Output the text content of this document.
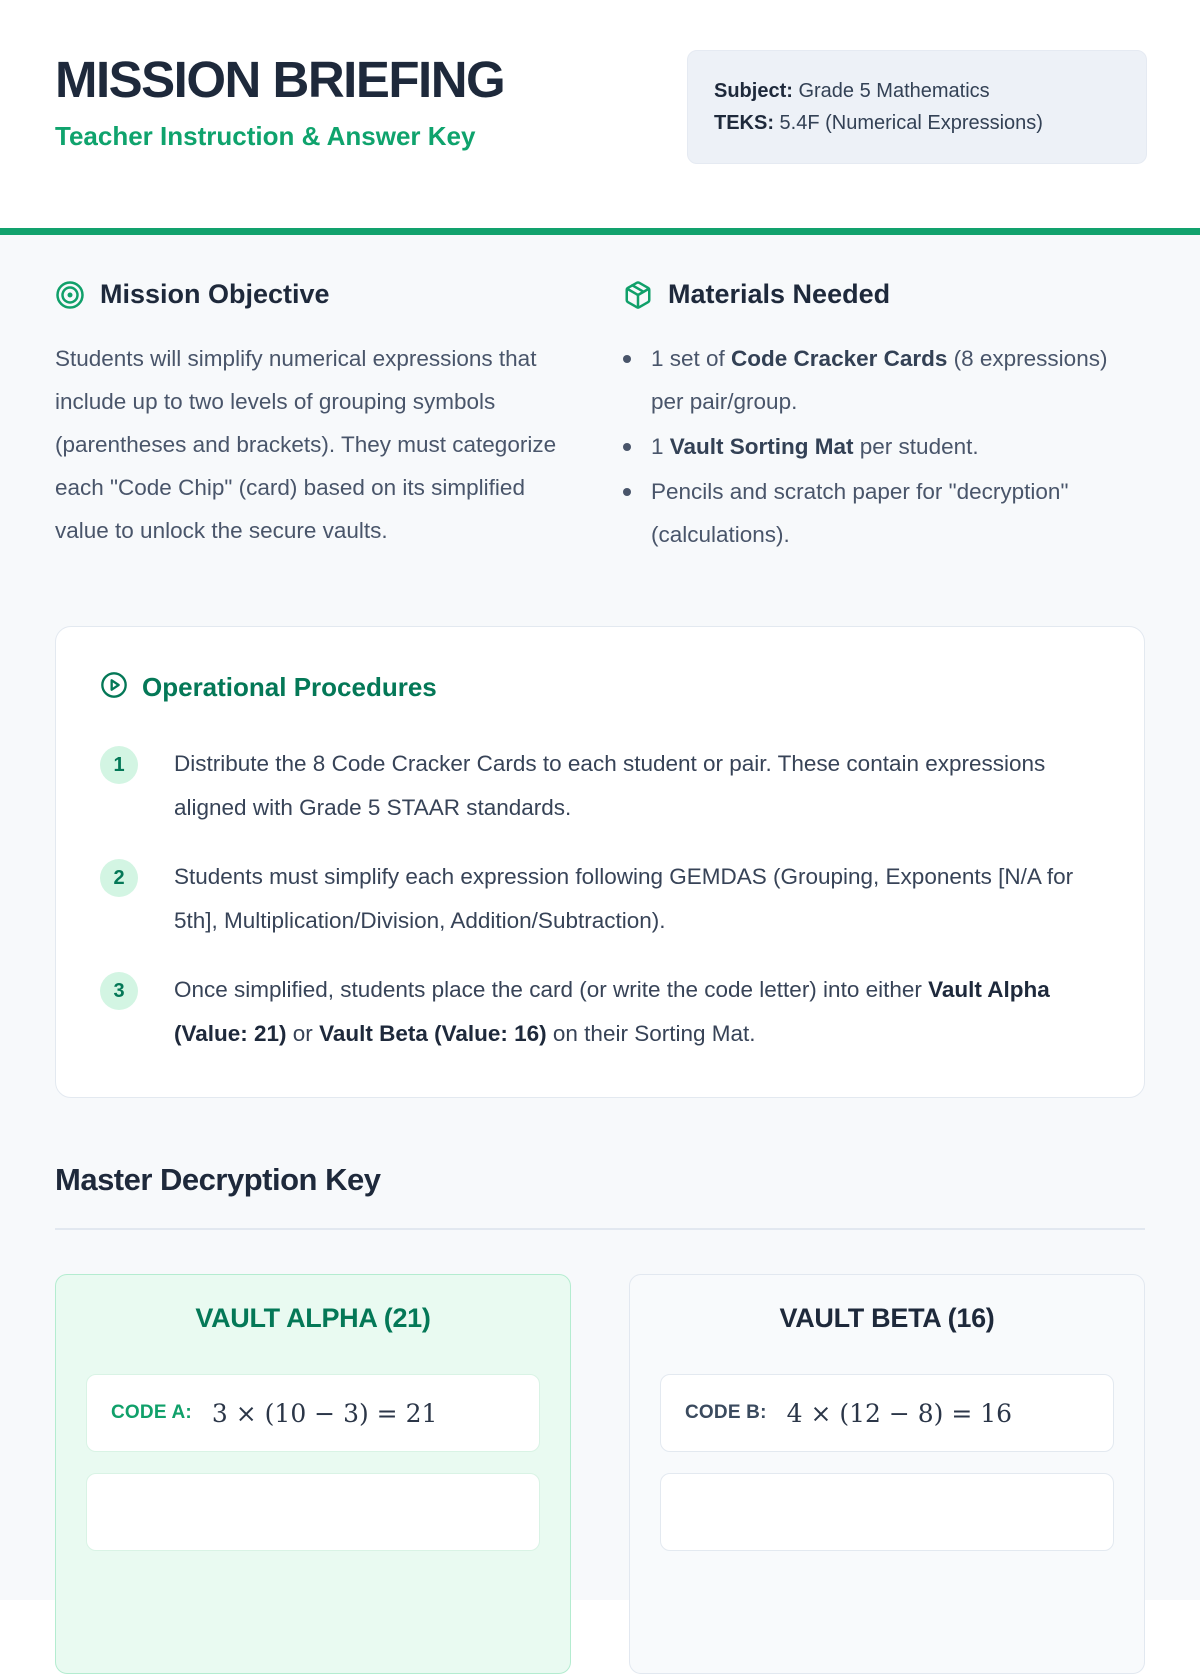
MISSION BRIEFING
Teacher Instruction & Answer Key
Subject: Grade 5 Mathematics
TEKS: 5.4F (Numerical Expressions)
Mission Objective

Students will simplify numerical expressions that include up to two levels of grouping symbols (parentheses and brackets). They must categorize each "Code Chip" (card) based on its simplified value to unlock the secure vaults.

Materials Needed
1 set of Code Cracker Cards (8 expressions) per pair/group.
1 Vault Sorting Mat per student.
Pencils and scratch paper for "decryption" (calculations).
Operational Procedures
1	Distribute the 8 Code Cracker Cards to each student or pair. These contain expressions aligned with Grade 5 STAAR standards.
2	Students must simplify each expression following GEMDAS (Grouping, Exponents [N/A for 5th], Multiplication/Division, Addition/Subtraction).
3	Once simplified, students place the card (or write the code letter) into either Vault Alpha (Value: 21) or Vault Beta (Value: 16) on their Sorting Mat.
Master Decryption Key
VAULT ALPHA (21)
CODE A: 3 × (10 − 3) = 21
VAULT BETA (16)
CODE B: 4 × (12 − 8) = 16
